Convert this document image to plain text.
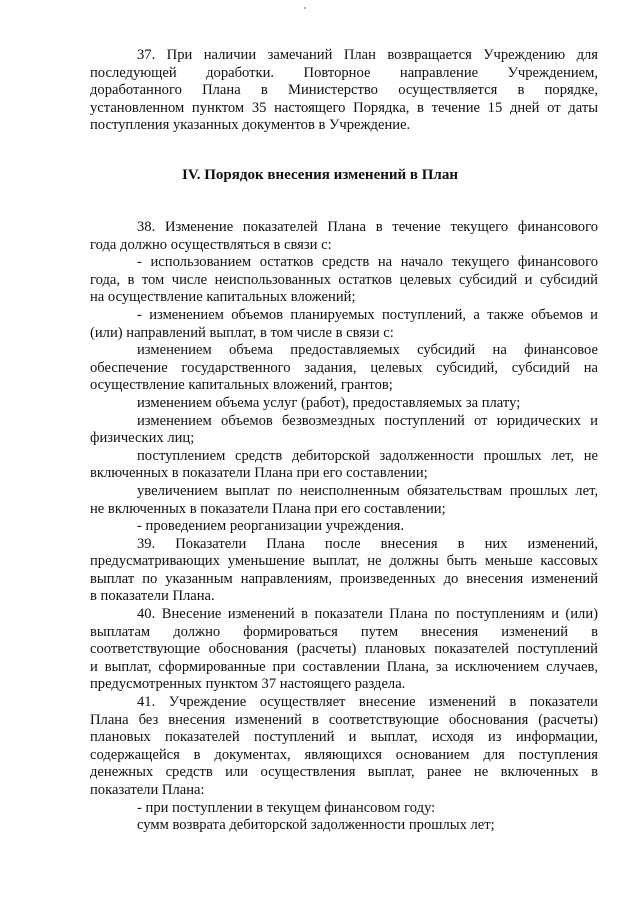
37. При наличии замечаний План возвращается Учреждению для
последующей доработки. Повторное направление Учреждением,
доработанного Плана в Министерство осуществляется в порядке,
установленном пунктом 35 настоящего Порядка, в течение 15 дней от даты
поступления указанных документов в Учреждение.
IV. Порядок внесения изменений в План
38. Изменение показателей Плана в течение текущего финансового
года должно осуществляться в связи с:
- использованием остатков средств на начало текущего финансового
года, в том числе неиспользованных остатков целевых субсидий и субсидий
на осуществление капитальных вложений;
- изменением объемов планируемых поступлений, а также объемов и
(или) направлений выплат, в том числе в связи с:
изменением объема предоставляемых субсидий на финансовое
обеспечение государственного задания, целевых субсидий, субсидий на
осуществление капитальных вложений, грантов;
изменением объема услуг (работ), предоставляемых за плату;
изменением объемов безвозмездных поступлений от юридических и
физических лиц;
поступлением средств дебиторской задолженности прошлых лет, не
включенных в показатели Плана при его составлении;
увеличением выплат по неисполненным обязательствам прошлых лет,
не включенных в показатели Плана при его составлении;
- проведением реорганизации учреждения.
39. Показатели Плана после внесения в них изменений,
предусматривающих уменьшение выплат, не должны быть меньше кассовых
выплат по указанным направлениям, произведенных до внесения изменений
в показатели Плана.
40. Внесение изменений в показатели Плана по поступлениям и (или)
выплатам должно формироваться путем внесения изменений в
соответствующие обоснования (расчеты) плановых показателей поступлений
и выплат, сформированные при составлении Плана, за исключением случаев,
предусмотренных пунктом 37 настоящего раздела.
41. Учреждение осуществляет внесение изменений в показатели
Плана без внесения изменений в соответствующие обоснования (расчеты)
плановых показателей поступлений и выплат, исходя из информации,
содержащейся в документах, являющихся основанием для поступления
денежных средств или осуществления выплат, ранее не включенных в
показатели Плана:
- при поступлении в текущем финансовом году:
сумм возврата дебиторской задолженности прошлых лет;
